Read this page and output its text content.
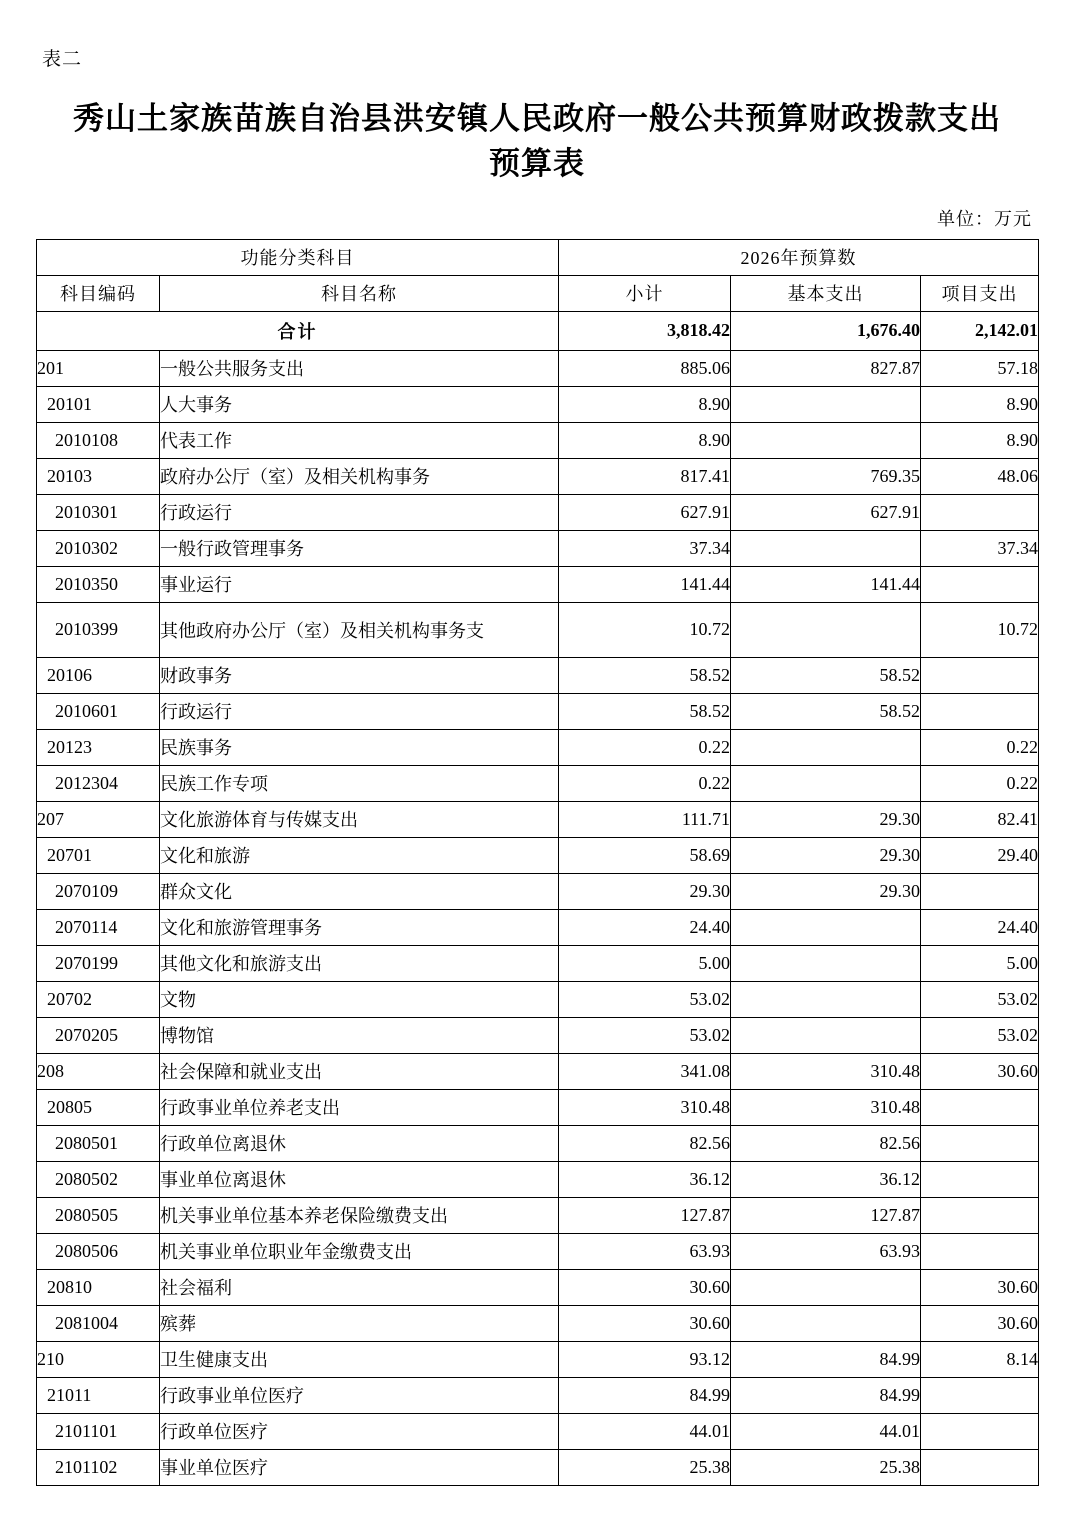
表二
秀山土家族苗族自治县洪安镇人民政府一般公共预算财政拨款支出预算表
单位：万元
功能分类科目		2026年预算数		
科目编码	科目名称	小计	基本支出	项目支出
合计		3,818.42	1,676.40	2,142.01
201	一般公共服务支出	885.06	827.87	57.18
20101	人大事务	8.90		8.90
2010108	代表工作	8.90		8.90
20103	政府办公厅（室）及相关机构事务	817.41	769.35	48.06
2010301	行政运行	627.91	627.91	
2010302	一般行政管理事务	37.34		37.34
2010350	事业运行	141.44	141.44	
2010399	其他政府办公厅（室）及相关机构事务支	10.72		10.72
20106	财政事务	58.52	58.52	
2010601	行政运行	58.52	58.52	
20123	民族事务	0.22		0.22
2012304	民族工作专项	0.22		0.22
207	文化旅游体育与传媒支出	111.71	29.30	82.41
20701	文化和旅游	58.69	29.30	29.40
2070109	群众文化	29.30	29.30	
2070114	文化和旅游管理事务	24.40		24.40
2070199	其他文化和旅游支出	5.00		5.00
20702	文物	53.02		53.02
2070205	博物馆	53.02		53.02
208	社会保障和就业支出	341.08	310.48	30.60
20805	行政事业单位养老支出	310.48	310.48	
2080501	行政单位离退休	82.56	82.56	
2080502	事业单位离退休	36.12	36.12	
2080505	机关事业单位基本养老保险缴费支出	127.87	127.87	
2080506	机关事业单位职业年金缴费支出	63.93	63.93	
20810	社会福利	30.60		30.60
2081004	殡葬	30.60		30.60
210	卫生健康支出	93.12	84.99	8.14
21011	行政事业单位医疗	84.99	84.99	
2101101	行政单位医疗	44.01	44.01	
2101102	事业单位医疗	25.38	25.38	
